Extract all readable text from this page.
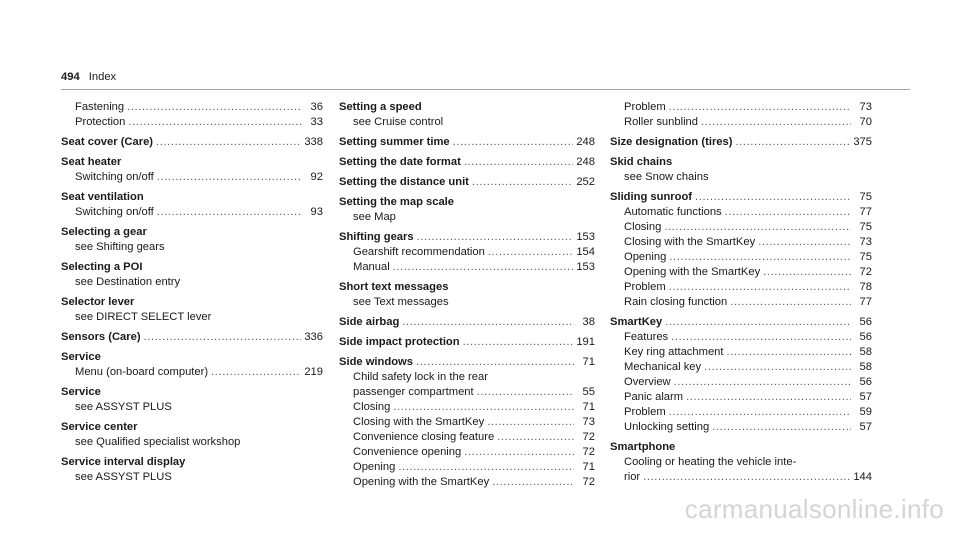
494 Index
Fastening .....	36
Protection .....	33
Seat cover (Care) .....	338
Seat heater
Switching on/off .....	92
Seat ventilation
Switching on/off .....	93
Selecting a gear
see Shifting gears
Selecting a POI
see Destination entry
Selector lever
see DIRECT SELECT lever
Sensors (Care) .....	336
Service
Menu (on-board computer) .....	219
Service
see ASSYST PLUS
Service center
see Qualified specialist workshop
Service interval display
see ASSYST PLUS
Setting a speed
see Cruise control
Setting summer time .....	248
Setting the date format .....	248
Setting the distance unit .....	252
Setting the map scale
see Map
Shifting gears .....	153
Gearshift recommendation .....	154
Manual .....	153
Short text messages
see Text messages
Side airbag .....	38
Side impact protection .....	191
Side windows .....	71
Child safety lock in the rear
passenger compartment .....	55
Closing .....	71
Closing with the SmartKey .....	73
Convenience closing feature .....	72
Convenience opening .....	72
Opening .....	71
Opening with the SmartKey .....	72
Problem .....	73
Roller sunblind .....	70
Size designation (tires) .....	375
Skid chains
see Snow chains
Sliding sunroof .....	75
Automatic functions .....	77
Closing .....	75
Closing with the SmartKey .....	73
Opening .....	75
Opening with the SmartKey .....	72
Problem .....	78
Rain closing function .....	77
SmartKey .....	56
Features .....	56
Key ring attachment .....	58
Mechanical key .....	58
Overview .....	56
Panic alarm .....	57
Problem .....	59
Unlocking setting .....	57
Smartphone
Cooling or heating the vehicle inte-
rior .....	144
carmanualsonline.info
